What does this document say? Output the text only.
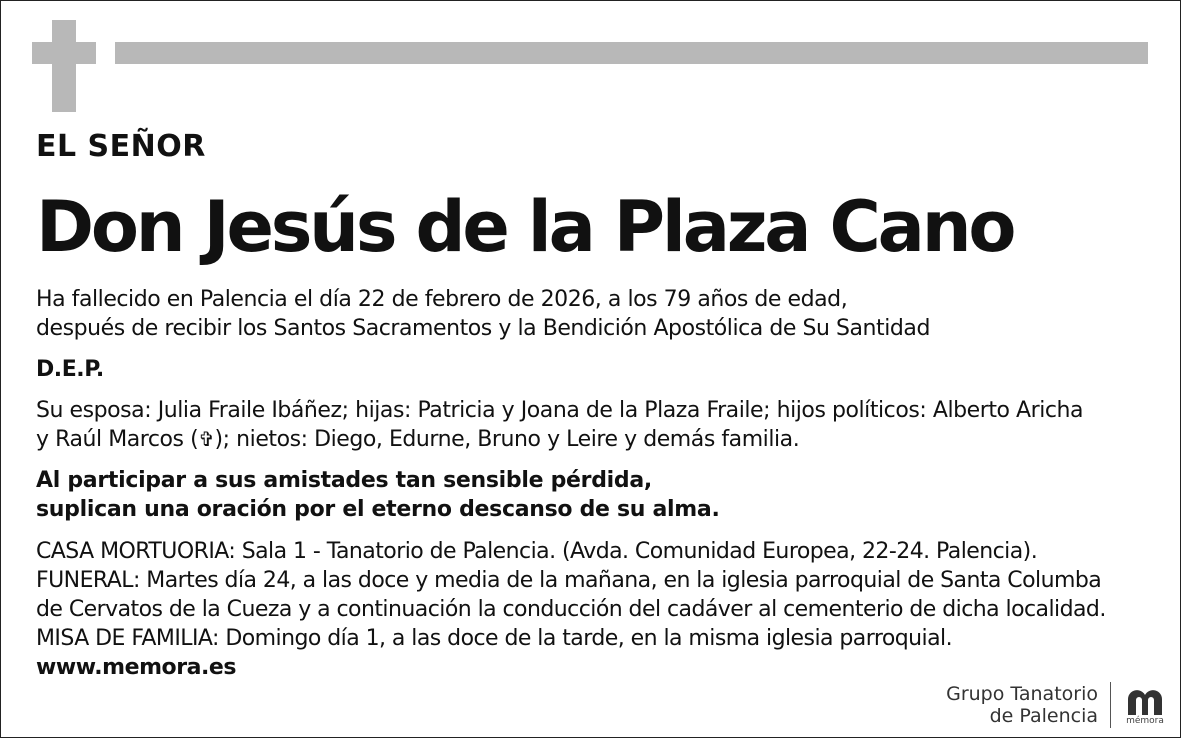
EL SEÑOR
Don Jesús de la Plaza Cano
Ha fallecido en Palencia el día 22 de febrero de 2026, a los 79 años de edad,
después de recibir los Santos Sacramentos y la Bendición Apostólica de Su Santidad
D.E.P.
Su esposa: Julia Fraile Ibáñez; hijas: Patricia y Joana de la Plaza Fraile; hijos políticos: Alberto Aricha
y Raúl Marcos (✞); nietos: Diego, Edurne, Bruno y Leire y demás familia.
Al participar a sus amistades tan sensible pérdida,
suplican una oración por el eterno descanso de su alma.
CASA MORTUORIA: Sala 1 - Tanatorio de Palencia. (Avda. Comunidad Europea, 22-24. Palencia).
FUNERAL: Martes día 24, a las doce y media de la mañana, en la iglesia parroquial de Santa Columba
de Cervatos de la Cueza y a continuación la conducción del cadáver al cementerio de dicha localidad.
MISA DE FAMILIA: Domingo día 1, a las doce de la tarde, en la misma iglesia parroquial.
www.memora.es
Grupo Tanatorio
de Palencia	mémora
